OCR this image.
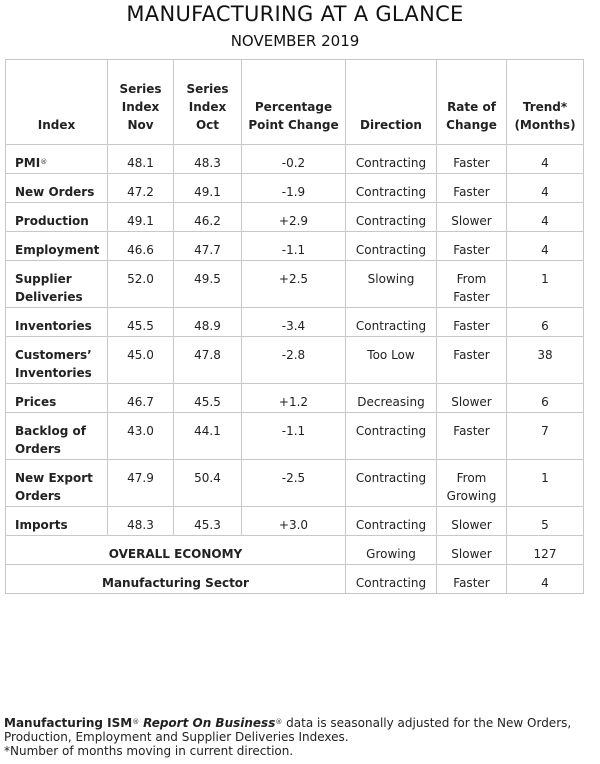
MANUFACTURING AT A GLANCE
NOVEMBER 2019
Index	Series Index Nov	Series Index Oct	Percentage Point Change	Direction	Rate of Change	Trend* (Months)
PMI®	48.1	48.3	-0.2	Contracting	Faster	4
New Orders	47.2	49.1	-1.9	Contracting	Faster	4
Production	49.1	46.2	+2.9	Contracting	Slower	4
Employment	46.6	47.7	-1.1	Contracting	Faster	4
Supplier Deliveries	52.0	49.5	+2.5	Slowing	From Faster	1
Inventories	45.5	48.9	-3.4	Contracting	Faster	6
Customers’ Inventories	45.0	47.8	-2.8	Too Low	Faster	38
Prices	46.7	45.5	+1.2	Decreasing	Slower	6
Backlog of Orders	43.0	44.1	-1.1	Contracting	Faster	7
New Export Orders	47.9	50.4	-2.5	Contracting	From Growing	1
Imports	48.3	45.3	+3.0	Contracting	Slower	5
OVERALL ECONOMY				Growing	Slower	127
Manufacturing Sector				Contracting	Faster	4
Manufacturing ISM® Report On Business® data is seasonally adjusted for the New Orders,
Production, Employment and Supplier Deliveries Indexes.
*Number of months moving in current direction.
